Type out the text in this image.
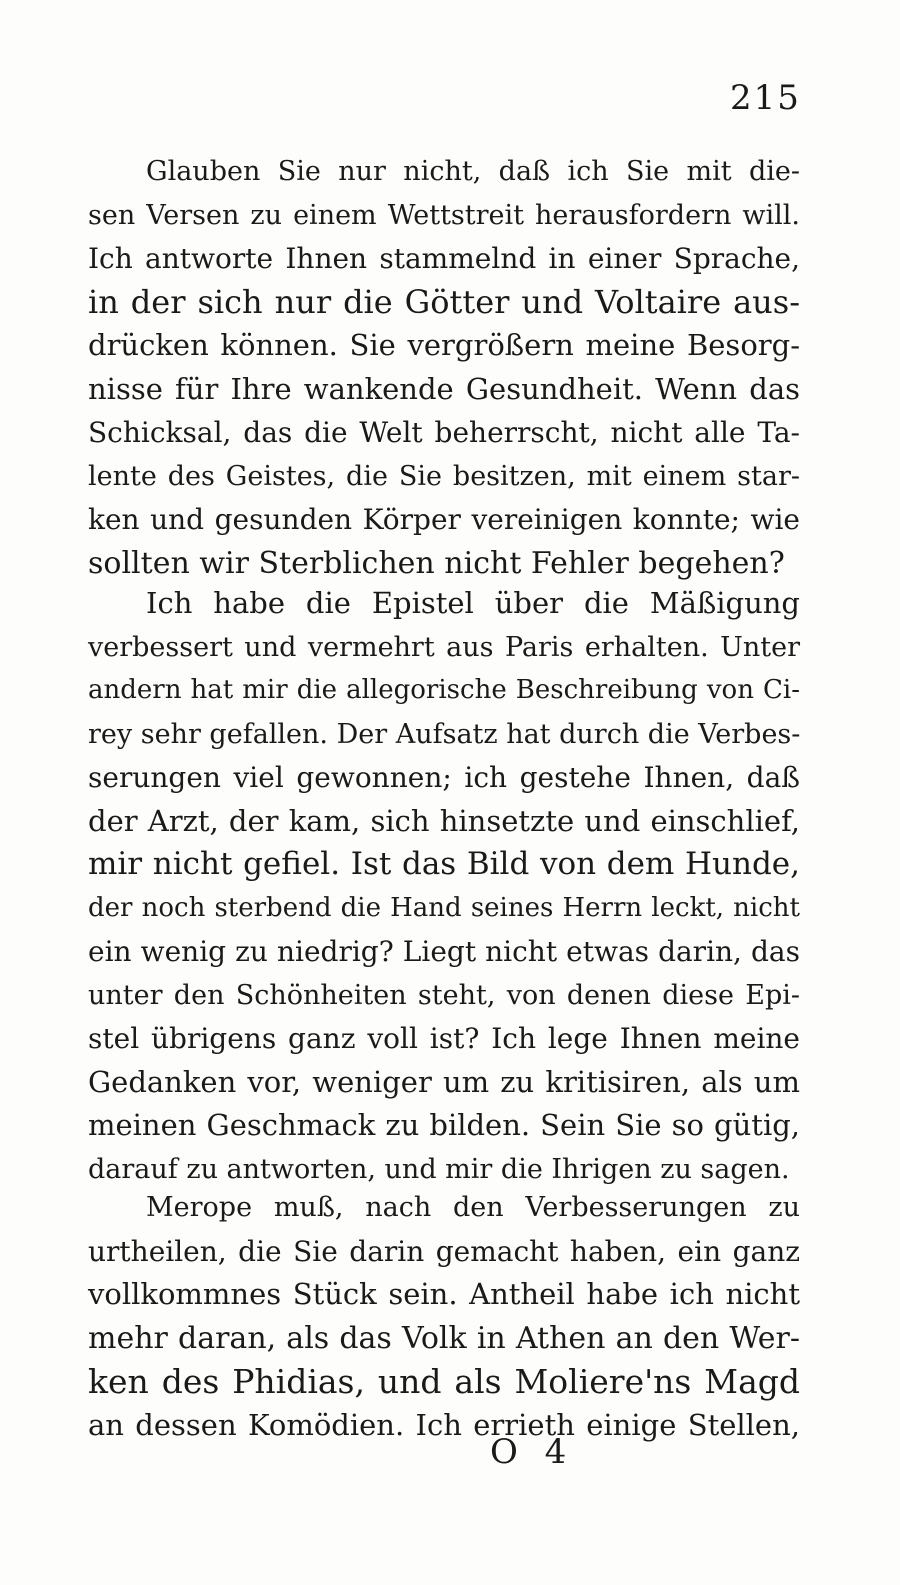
215
Glauben Sie nur nicht, daß ich Sie mit die-
sen Versen zu einem Wettstreit herausfordern will.
Ich antworte Ihnen stammelnd in einer Sprache,
in der sich nur die Götter und Voltaire aus-
drücken können. Sie vergrößern meine Besorg-
nisse für Ihre wankende Gesundheit. Wenn das
Schicksal, das die Welt beherrscht, nicht alle Ta-
lente des Geistes, die Sie besitzen, mit einem star-
ken und gesunden Körper vereinigen konnte; wie
sollten wir Sterblichen nicht Fehler begehen?
Ich habe die Epistel über die Mäßigung
verbessert und vermehrt aus Paris erhalten. Unter
andern hat mir die allegorische Beschreibung von Ci-
rey sehr gefallen. Der Aufsatz hat durch die Verbes-
serungen viel gewonnen; ich gestehe Ihnen, daß
der Arzt, der kam, sich hinsetzte und einschlief,
mir nicht gefiel. Ist das Bild von dem Hunde,
der noch sterbend die Hand seines Herrn leckt, nicht
ein wenig zu niedrig? Liegt nicht etwas darin, das
unter den Schönheiten steht, von denen diese Epi-
stel übrigens ganz voll ist? Ich lege Ihnen meine
Gedanken vor, weniger um zu kritisiren, als um
meinen Geschmack zu bilden. Sein Sie so gütig,
darauf zu antworten, und mir die Ihrigen zu sagen.
Merope muß, nach den Verbesserungen zu
urtheilen, die Sie darin gemacht haben, ein ganz
vollkommnes Stück sein. Antheil habe ich nicht
mehr daran, als das Volk in Athen an den Wer-
ken des Phidias, und als Moliere'ns Magd
an dessen Komödien. Ich errieth einige Stellen,
O 4
